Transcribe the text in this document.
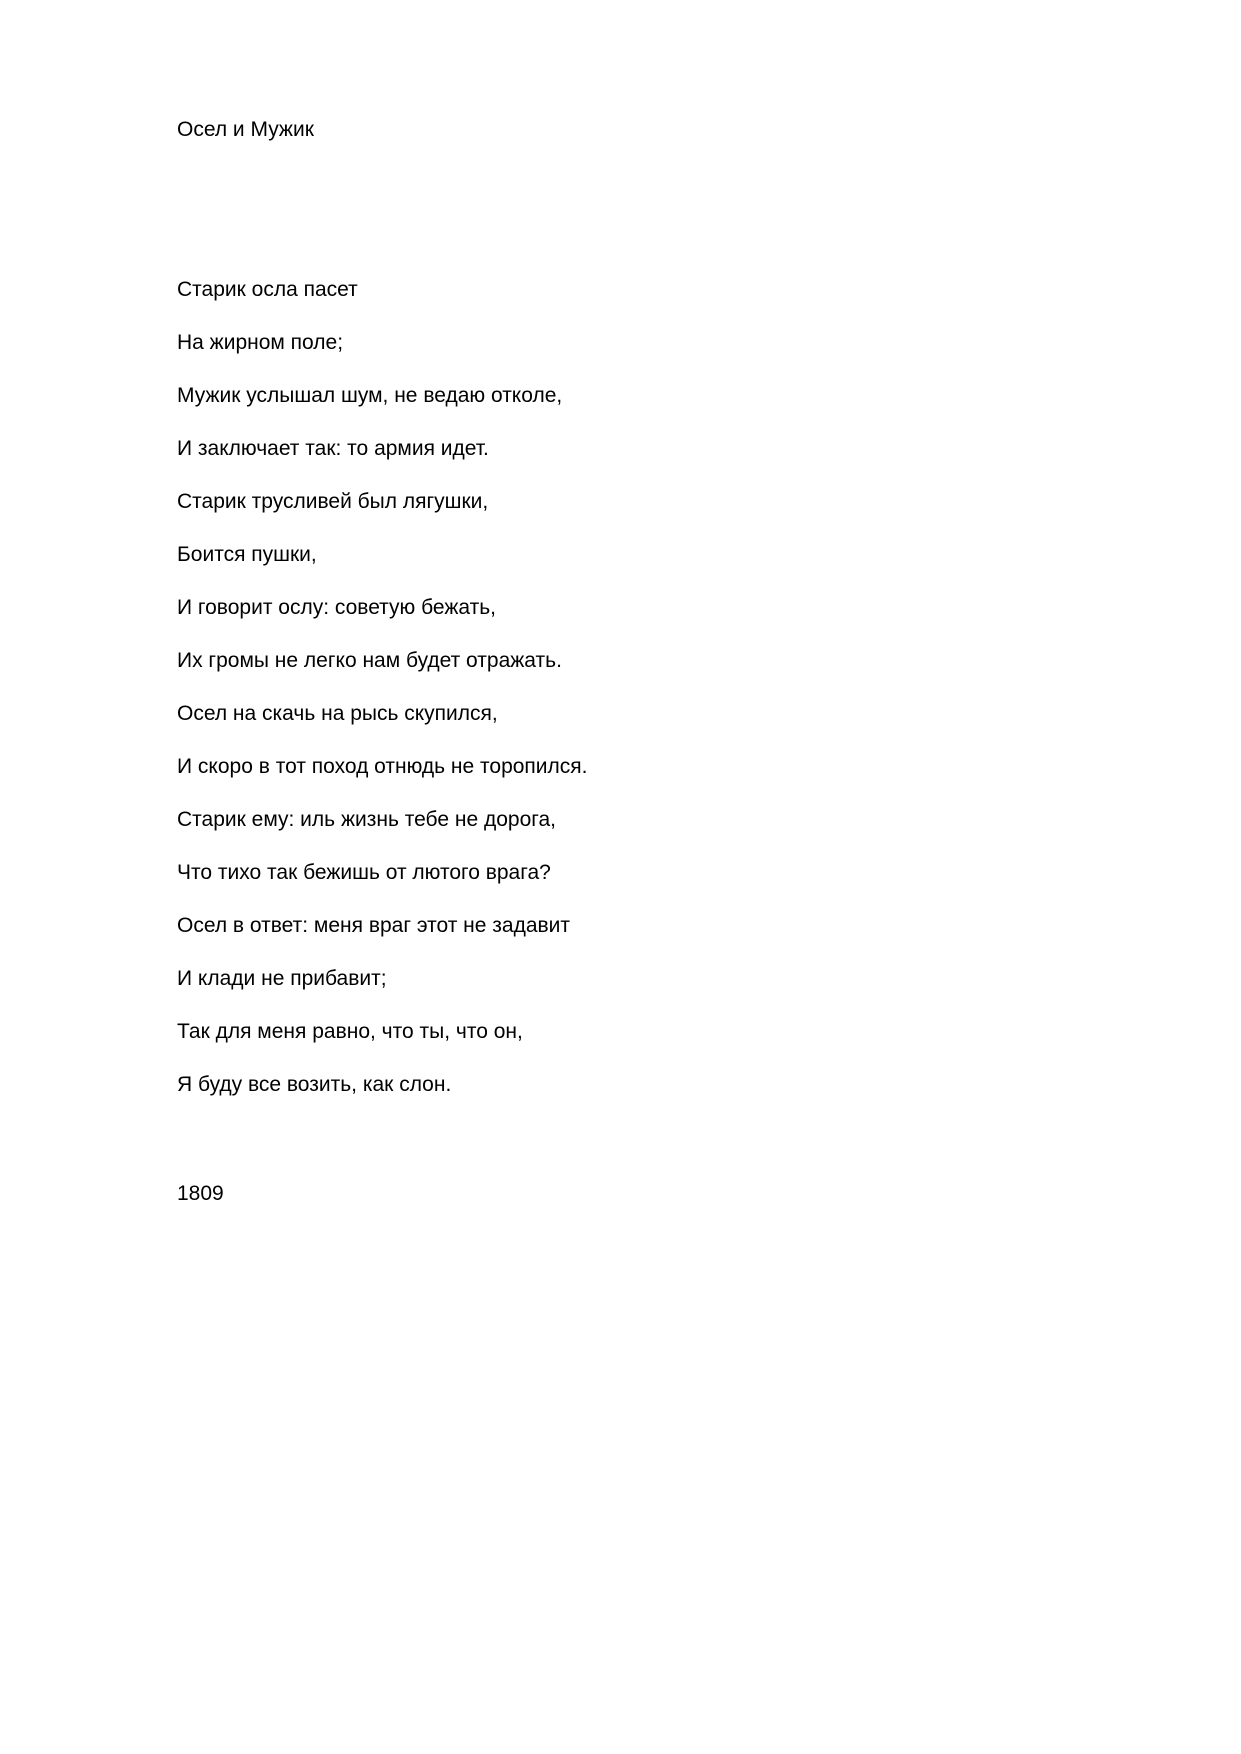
Осел и Мужик
Старик осла пасет
На жирном поле;
Мужик услышал шум, не ведаю отколе,
И заключает так: то армия идет.
Старик трусливей был лягушки,
Боится пушки,
И говорит ослу: советую бежать,
Их громы не легко нам будет отражать.
Осел на скачь на рысь скупился,
И скоро в тот поход отнюдь не торопился.
Старик ему: иль жизнь тебе не дорога,
Что тихо так бежишь от лютого врага?
Осел в ответ: меня враг этот не задавит
И клади не прибавит;
Так для меня равно, что ты, что он,
Я буду все возить, как слон.

1809
